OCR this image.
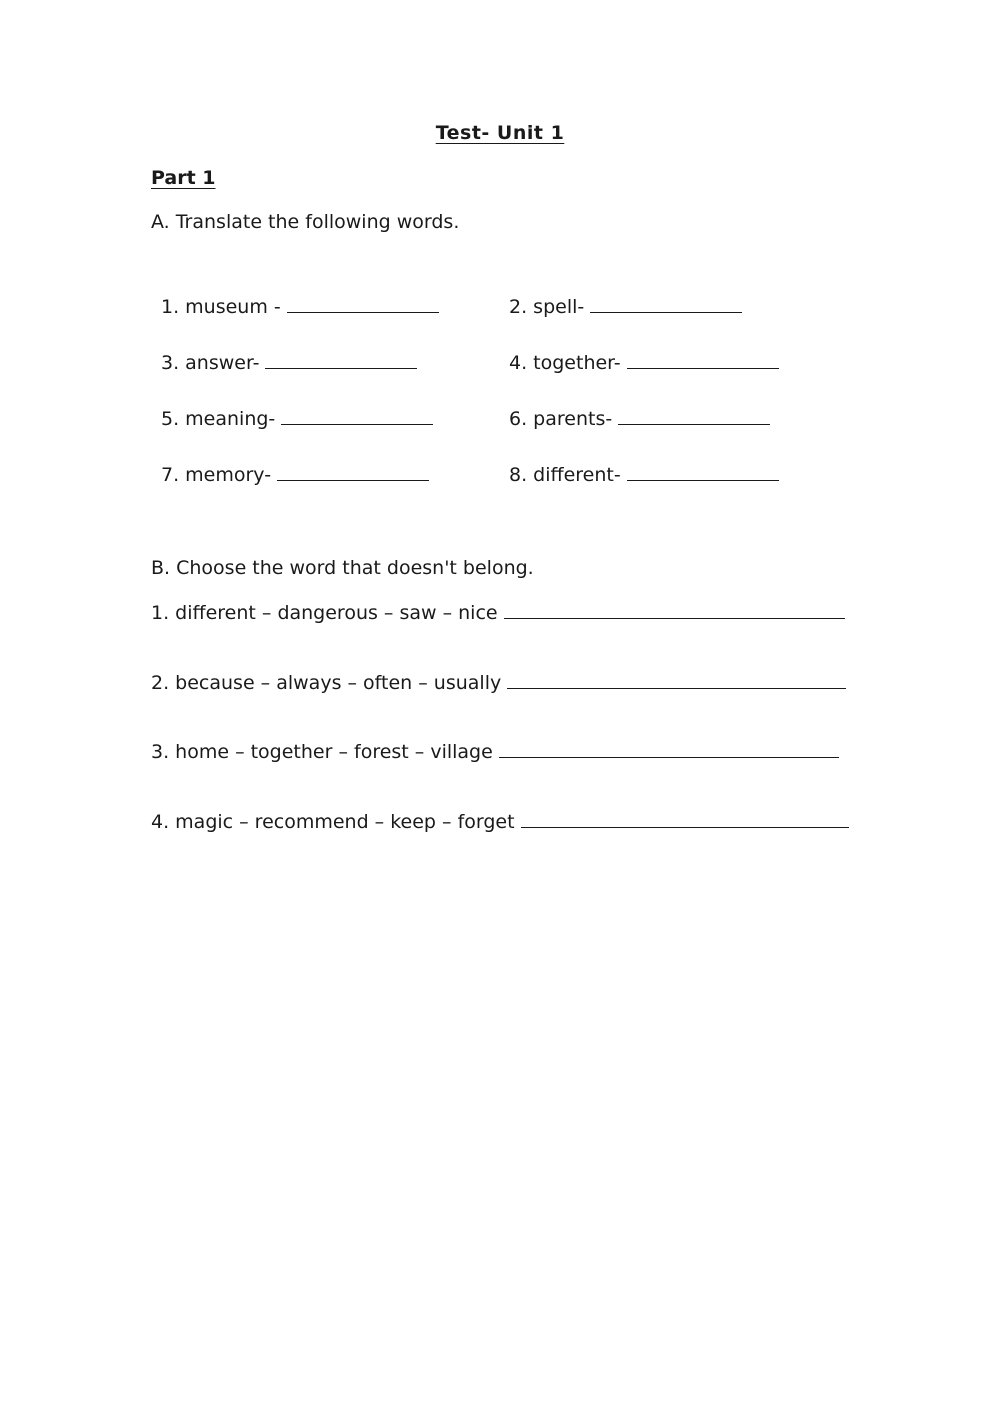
Test- Unit 1
Part 1
A. Translate the following words.
1. museum -	2. spell-
3. answer-	4. together-
5. meaning-	6. parents-
7. memory-	8. different-
B. Choose the word that doesn't belong.
1. different – dangerous – saw – nice
2. because – always – often – usually
3. home – together – forest – village
4. magic – recommend – keep – forget
